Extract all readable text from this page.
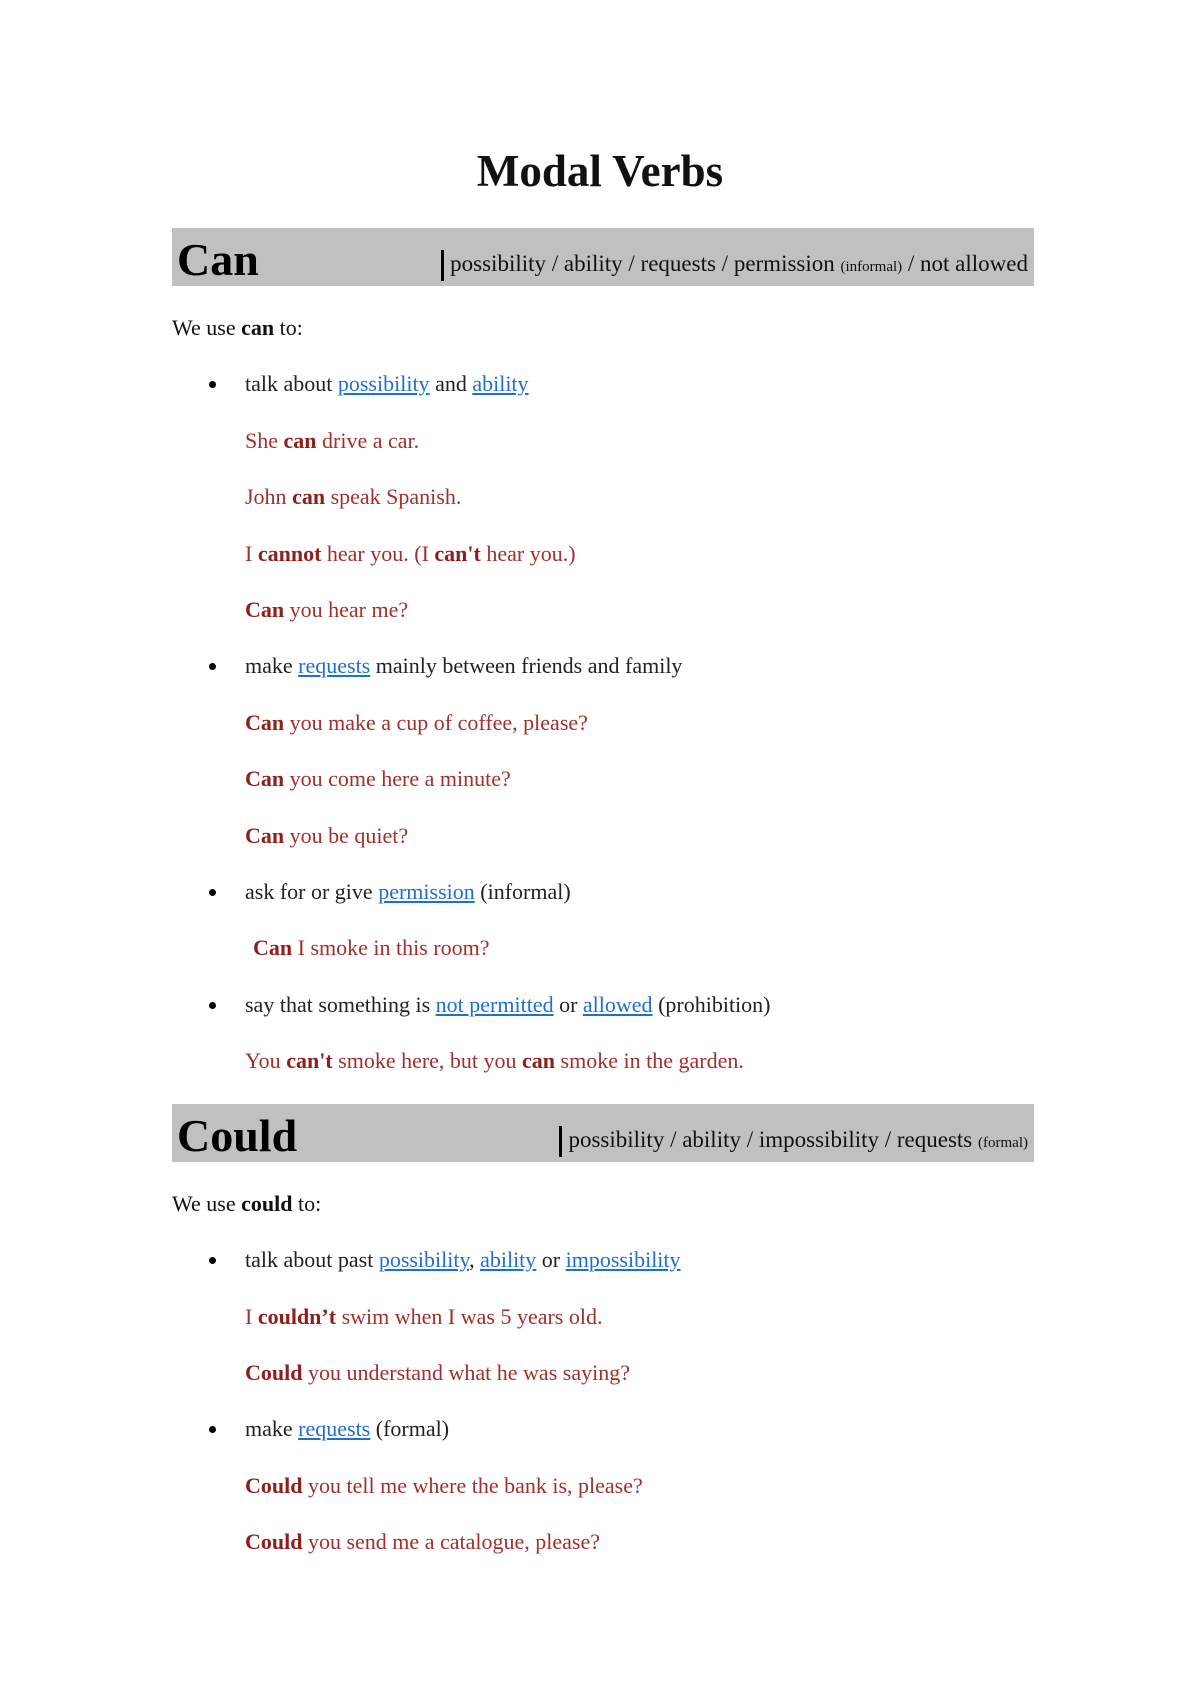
Modal Verbs
Can	possibility / ability / requests / permission (informal) / not allowed
We use can to:
talk about possibility and ability
She can drive a car.
John can speak Spanish.
I cannot hear you. (I can't hear you.)
Can you hear me?
make requests mainly between friends and family
Can you make a cup of coffee, please?
Can you come here a minute?
Can you be quiet?
ask for or give permission (informal)
Can I smoke in this room?
say that something is not permitted or allowed (prohibition)
You can't smoke here, but you can smoke in the garden.
Could	possibility / ability / impossibility / requests (formal)
We use could to:
talk about past possibility, ability or impossibility
I couldn’t swim when I was 5 years old.
Could you understand what he was saying?
make requests (formal)
Could you tell me where the bank is, please?
Could you send me a catalogue, please?
